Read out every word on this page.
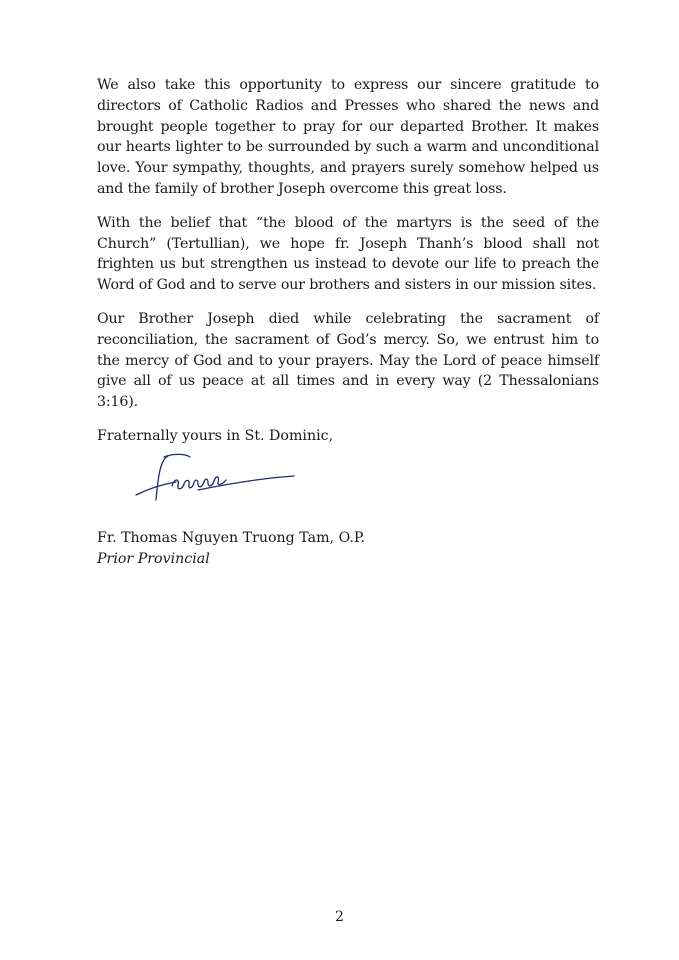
We also take this opportunity to express our sincere gratitude to directors of Catholic Radios and Presses who shared the news and brought people together to pray for our departed Brother. It makes our hearts lighter to be surrounded by such a warm and unconditional love. Your sympathy, thoughts, and prayers surely somehow helped us and the family of brother Joseph overcome this great loss.

With the belief that “the blood of the martyrs is the seed of the Church” (Tertullian), we hope fr. Joseph Thanh’s blood shall not frighten us but strengthen us instead to devote our life to preach the Word of God and to serve our brothers and sisters in our mission sites.

Our Brother Joseph died while celebrating the sacrament of reconciliation, the sacrament of God’s mercy. So, we entrust him to the mercy of God and to your prayers. May the Lord of peace himself give all of us peace at all times and in every way (2 Thessalonians 3:16).

Fraternally yours in St. Dominic,

Fr. Thomas Nguyen Truong Tam, O.P.
Prior Provincial
2
